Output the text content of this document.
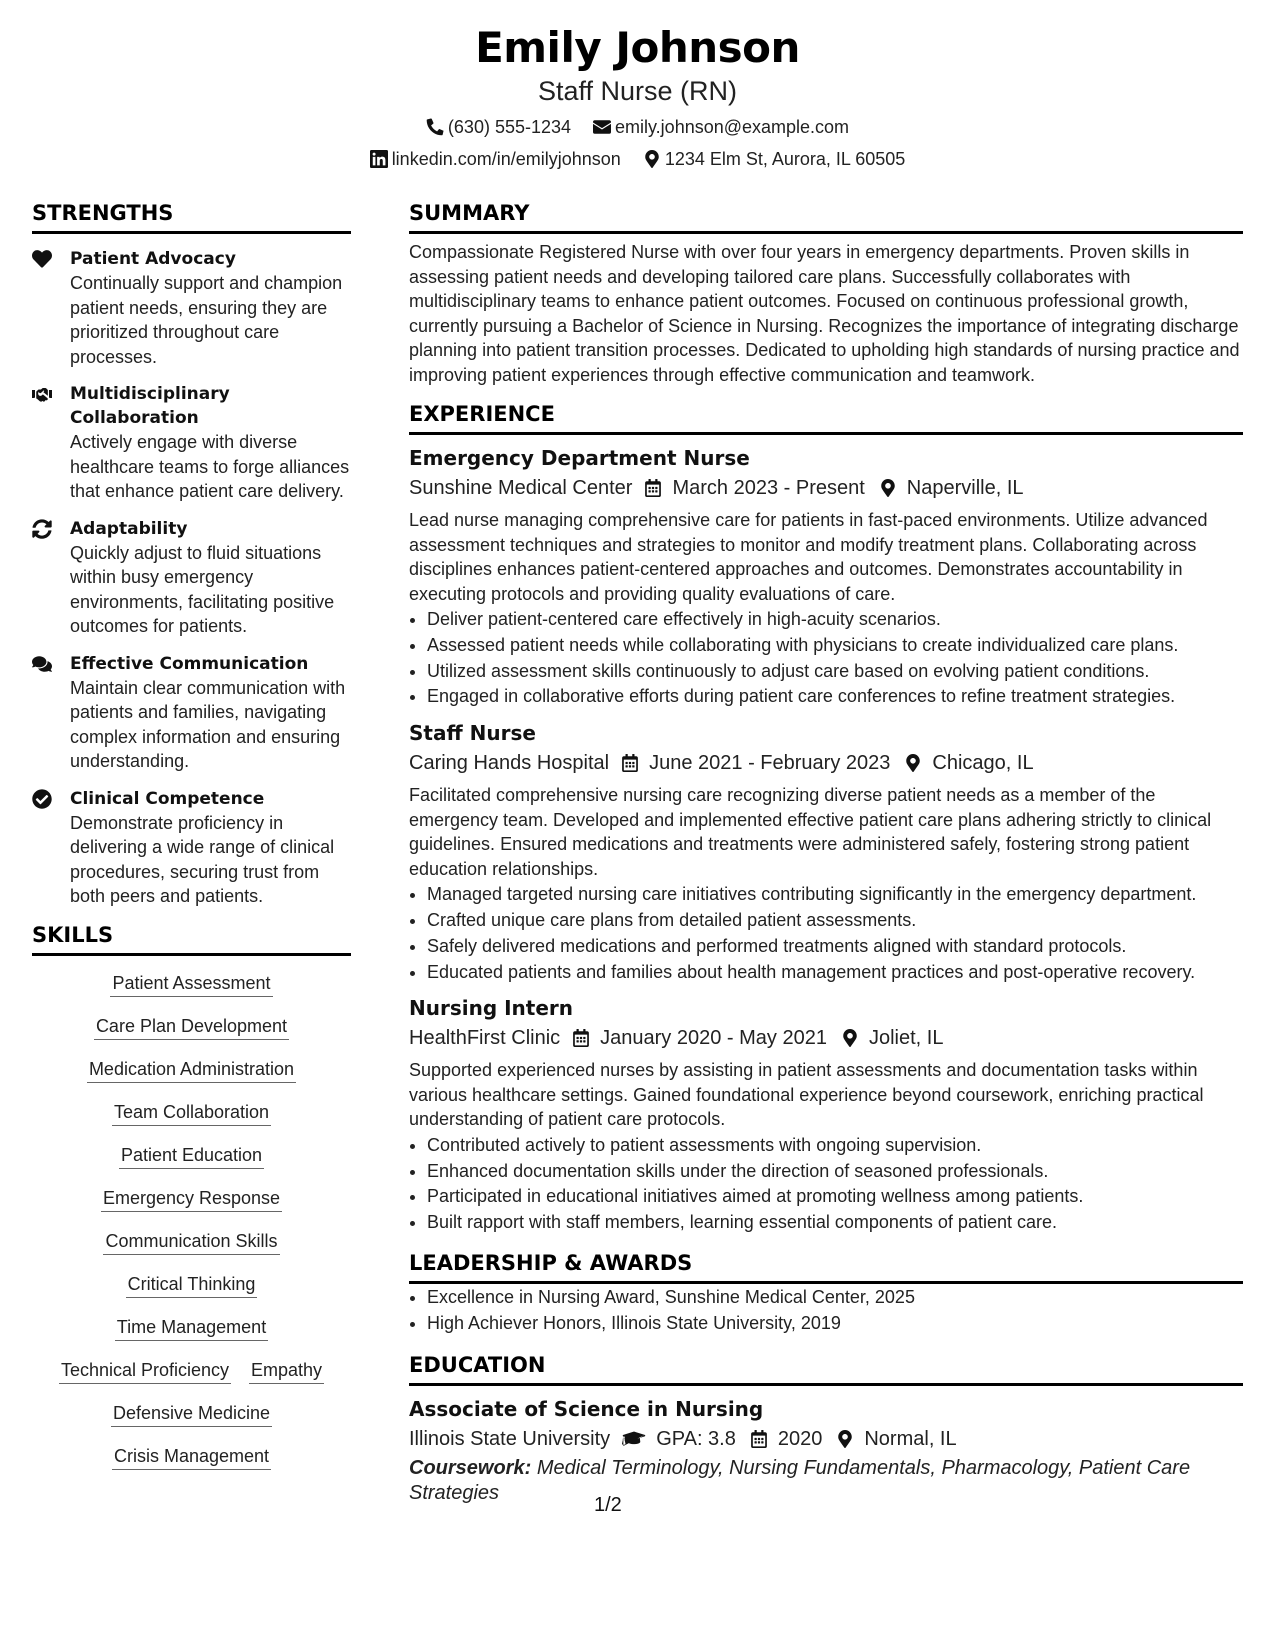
Emily Johnson
Staff Nurse (RN)
(630) 555-1234 emily.johnson@example.com
linkedin.com/in/emilyjohnson 1234 Elm St, Aurora, IL 60505
STRENGTHS
Patient Advocacy
Continually support and champion patient needs, ensuring they are prioritized throughout care processes.
Multidisciplinary Collaboration
Actively engage with diverse healthcare teams to forge alliances that enhance patient care delivery.
Adaptability
Quickly adjust to fluid situations within busy emergency environments, facilitating positive outcomes for patients.
Effective Communication
Maintain clear communication with patients and families, navigating complex information and ensuring understanding.
Clinical Competence
Demonstrate proficiency in delivering a wide range of clinical procedures, securing trust from both peers and patients.
SKILLS
Patient Assessment
Care Plan Development
Medication Administration
Team Collaboration
Patient Education
Emergency Response
Communication Skills
Critical Thinking
Time Management
Technical Proficiency Empathy
Defensive Medicine
Crisis Management
SUMMARY
Compassionate Registered Nurse with over four years in emergency departments. Proven skills in assessing patient needs and developing tailored care plans. Successfully collaborates with multidisciplinary teams to enhance patient outcomes. Focused on continuous professional growth, currently pursuing a Bachelor of Science in Nursing. Recognizes the importance of integrating discharge planning into patient transition processes. Dedicated to upholding high standards of nursing practice and improving patient experiences through effective communication and teamwork.
EXPERIENCE
Emergency Department Nurse
Sunshine Medical Center March 2023 - Present Naperville, IL
Lead nurse managing comprehensive care for patients in fast-paced environments. Utilize advanced assessment techniques and strategies to monitor and modify treatment plans. Collaborating across disciplines enhances patient-centered approaches and outcomes. Demonstrates accountability in executing protocols and providing quality evaluations of care.
• Deliver patient-centered care effectively in high-acuity scenarios.
• Assessed patient needs while collaborating with physicians to create individualized care plans.
• Utilized assessment skills continuously to adjust care based on evolving patient conditions.
• Engaged in collaborative efforts during patient care conferences to refine treatment strategies.
Staff Nurse
Caring Hands Hospital June 2021 - February 2023 Chicago, IL
Facilitated comprehensive nursing care recognizing diverse patient needs as a member of the emergency team. Developed and implemented effective patient care plans adhering strictly to clinical guidelines. Ensured medications and treatments were administered safely, fostering strong patient education relationships.
• Managed targeted nursing care initiatives contributing significantly in the emergency department.
• Crafted unique care plans from detailed patient assessments.
• Safely delivered medications and performed treatments aligned with standard protocols.
• Educated patients and families about health management practices and post-operative recovery.
Nursing Intern
HealthFirst Clinic January 2020 - May 2021 Joliet, IL
Supported experienced nurses by assisting in patient assessments and documentation tasks within various healthcare settings. Gained foundational experience beyond coursework, enriching practical understanding of patient care protocols.
• Contributed actively to patient assessments with ongoing supervision.
• Enhanced documentation skills under the direction of seasoned professionals.
• Participated in educational initiatives aimed at promoting wellness among patients.
• Built rapport with staff members, learning essential components of patient care.
LEADERSHIP & AWARDS
• Excellence in Nursing Award, Sunshine Medical Center, 2025
• High Achiever Honors, Illinois State University, 2019
EDUCATION
Associate of Science in Nursing
Illinois State University GPA: 3.8 2020 Normal, IL
Coursework: Medical Terminology, Nursing Fundamentals, Pharmacology, Patient Care Strategies
1/2
